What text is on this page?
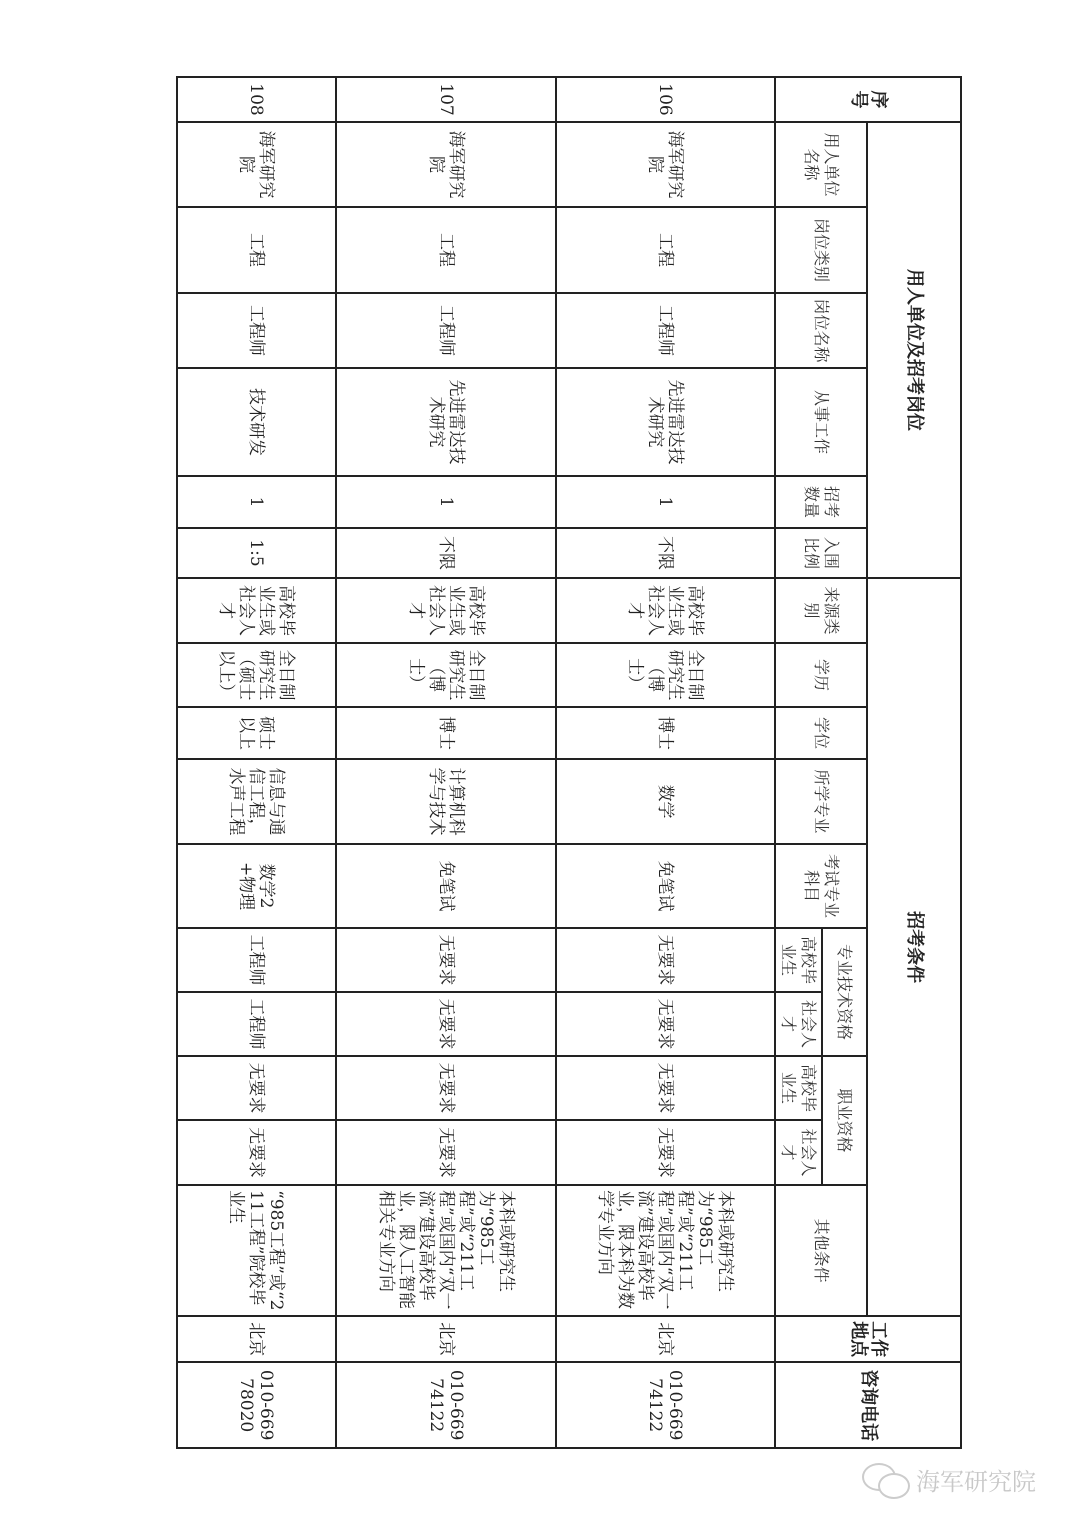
序号	用人单位及招考岗位						招考条件										工作地点	咨询电话
	用人单位名称	岗位类别	岗位名称	从事工作	招考数量	入围比例	来源类别	学历	学位	所学专业	考试专业科目	专业技术资格		职业资格		其他条件		
												高校毕业生	社会人才	高校毕业生	社会人才			
106	海军研究院	工程	工程师	先进雷达技术研究	1	不限	高校毕业生或社会人才	全日制研究生（博士）	博士	数学	免笔试	无要求	无要求	无要求	无要求	本科或研究生为“985工程”或“211工程”或国内“双一流”建设高校毕业，限本科为数学专业方向	北京	010-66974122
107	海军研究院	工程	工程师	先进雷达技术研究	1	不限	高校毕业生或社会人才	全日制研究生（博士）	博士	计算机科学与技术	免笔试	无要求	无要求	无要求	无要求	本科或研究生为“985工程”或“211工程”或国内“双一流”建设高校毕业，限人工智能相关专业方向	北京	010-66974122
108	海军研究院	工程	工程师	技术研发	1	1:5	高校毕业生或社会人才	全日制研究生（硕士以上）	硕士以上	信息与通信工程，水声工程	数学2+物理	工程师	工程师	无要求	无要求	“985工程”或“211工程”院校毕业生	北京	010-66978020
海军研究院
